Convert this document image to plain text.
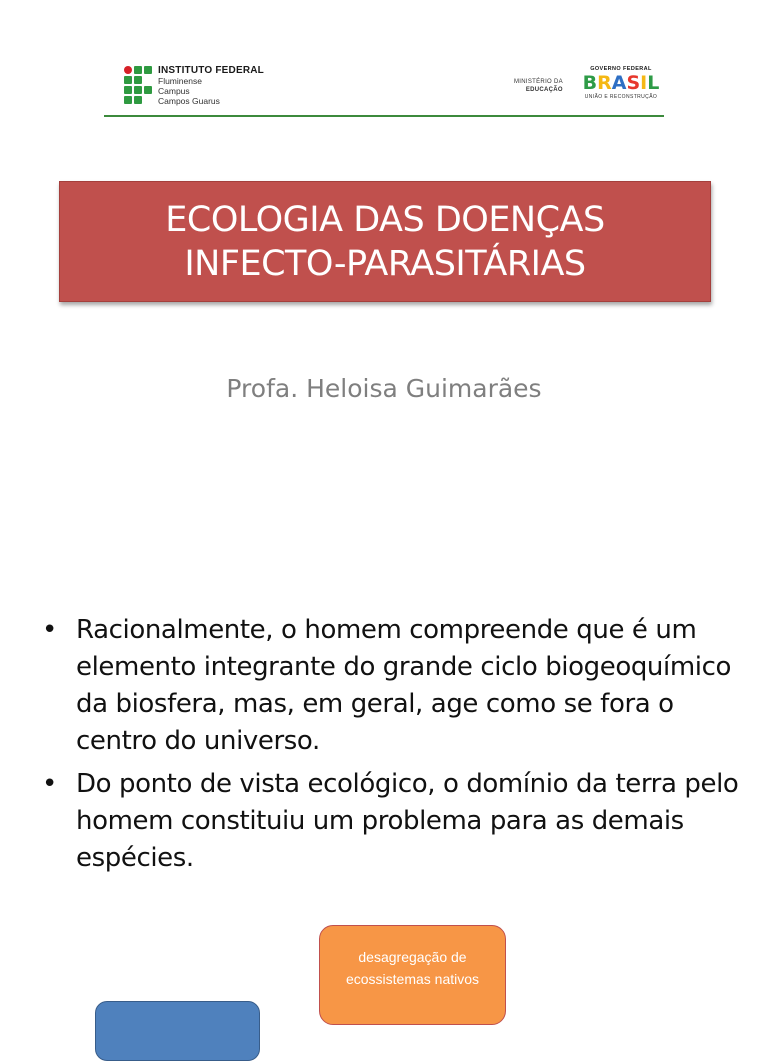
INSTITUTO FEDERAL
Fluminense
Campus
Campos Guarus
MINISTÉRIO DA
EDUCAÇÃO
GOVERNO FEDERAL
B R A S I L
UNIÃO E RECONSTRUÇÃO
ECOLOGIA DAS DOENÇAS
INFECTO-PARASITÁRIAS
Profa. Heloisa Guimarães
• Racionalmente, o homem compreende que é um elemento integrante do grande ciclo biogeoquímico da biosfera, mas, em geral, age como se fora o centro do universo.
• Do ponto de vista ecológico, o domínio da terra pelo homem constituiu um problema para as demais espécies.
desagregação de ecossistemas nativos
